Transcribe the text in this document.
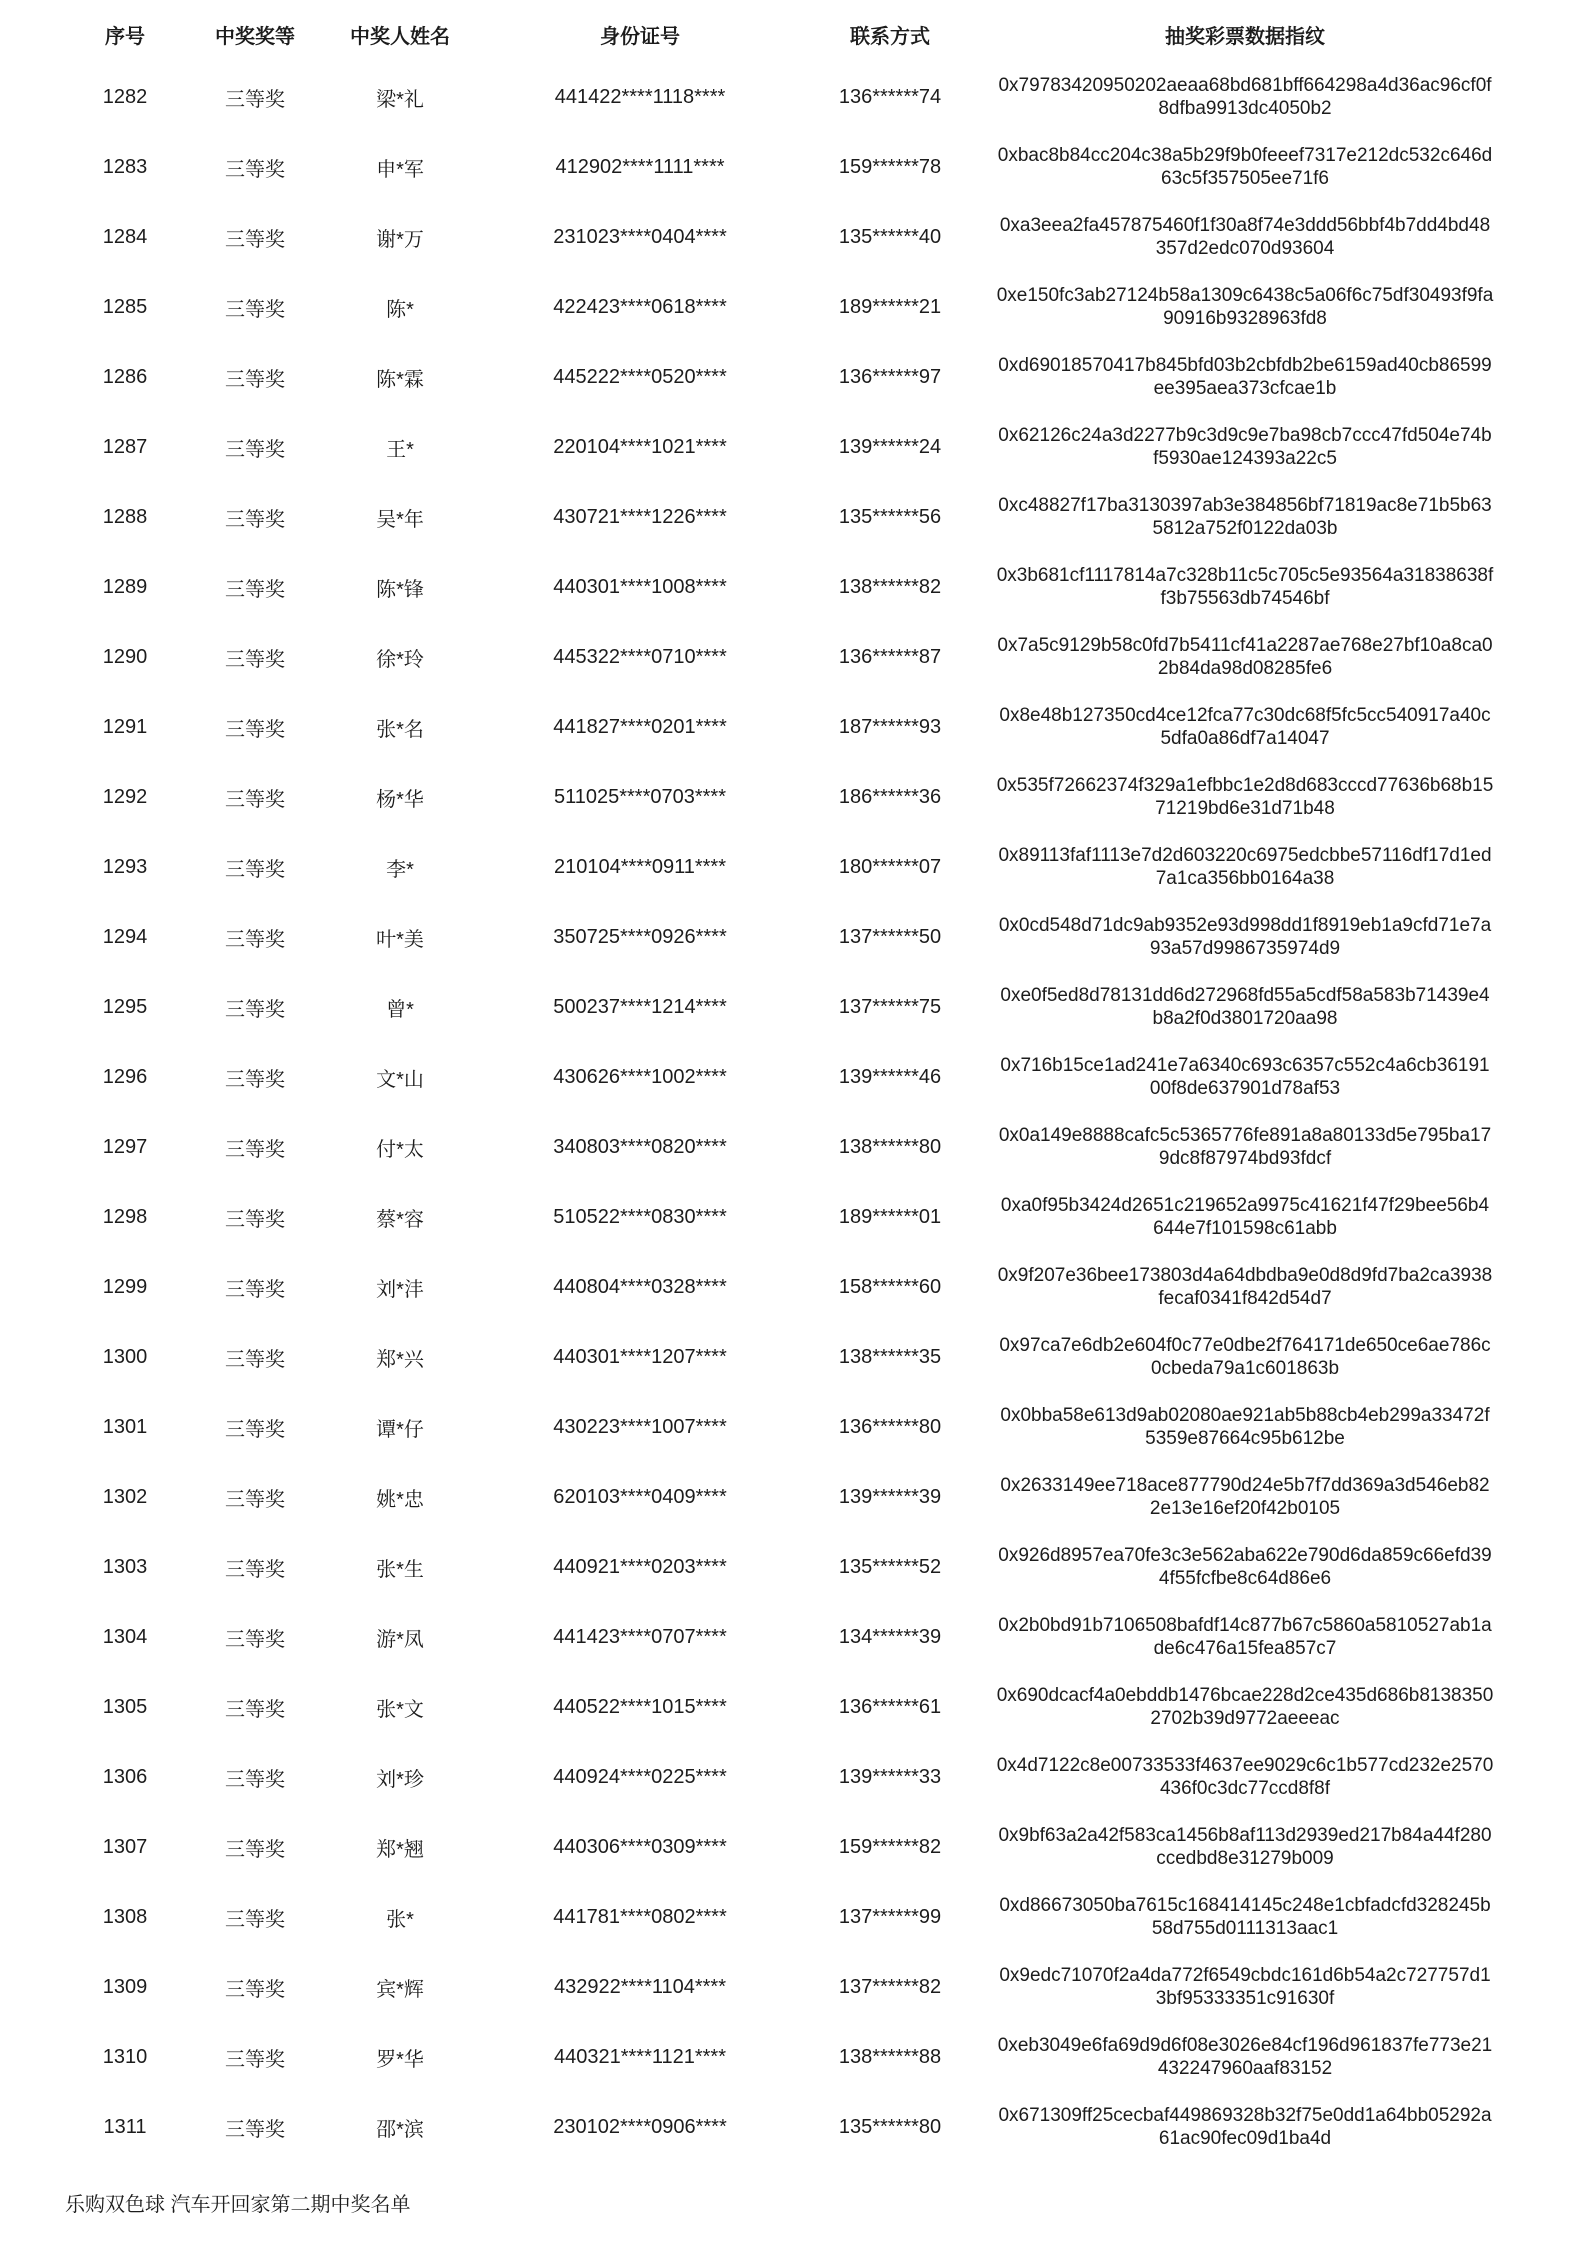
序号	中奖奖等	中奖人姓名	身份证号	联系方式	抽奖彩票数据指纹
1282	三等奖	梁*礼	441422****1118****	136******74	0x79783420950202aeaa68bd681bff664298a4d36ac96cf0f8dfba9913dc4050b2
1283	三等奖	申*军	412902****1111****	159******78	0xbac8b84cc204c38a5b29f9b0feeef7317e212dc532c646d63c5f357505ee71f6
1284	三等奖	谢*万	231023****0404****	135******40	0xa3eea2fa457875460f1f30a8f74e3ddd56bbf4b7dd4bd48357d2edc070d93604
1285	三等奖	陈*	422423****0618****	189******21	0xe150fc3ab27124b58a1309c6438c5a06f6c75df30493f9fa90916b9328963fd8
1286	三等奖	陈*霖	445222****0520****	136******97	0xd69018570417b845bfd03b2cbfdb2be6159ad40cb86599ee395aea373cfcae1b
1287	三等奖	王*	220104****1021****	139******24	0x62126c24a3d2277b9c3d9c9e7ba98cb7ccc47fd504e74bf5930ae124393a22c5
1288	三等奖	吴*年	430721****1226****	135******56	0xc48827f17ba3130397ab3e384856bf71819ac8e71b5b635812a752f0122da03b
1289	三等奖	陈*锋	440301****1008****	138******82	0x3b681cf1117814a7c328b11c5c705c5e93564a31838638ff3b75563db74546bf
1290	三等奖	徐*玲	445322****0710****	136******87	0x7a5c9129b58c0fd7b5411cf41a2287ae768e27bf10a8ca02b84da98d08285fe6
1291	三等奖	张*名	441827****0201****	187******93	0x8e48b127350cd4ce12fca77c30dc68f5fc5cc540917a40c5dfa0a86df7a14047
1292	三等奖	杨*华	511025****0703****	186******36	0x535f72662374f329a1efbbc1e2d8d683cccd77636b68b1571219bd6e31d71b48
1293	三等奖	李*	210104****0911****	180******07	0x89113faf1113e7d2d603220c6975edcbbe57116df17d1ed7a1ca356bb0164a38
1294	三等奖	叶*美	350725****0926****	137******50	0x0cd548d71dc9ab9352e93d998dd1f8919eb1a9cfd71e7a93a57d9986735974d9
1295	三等奖	曾*	500237****1214****	137******75	0xe0f5ed8d78131dd6d272968fd55a5cdf58a583b71439e4b8a2f0d3801720aa98
1296	三等奖	文*山	430626****1002****	139******46	0x716b15ce1ad241e7a6340c693c6357c552c4a6cb3619100f8de637901d78af53
1297	三等奖	付*太	340803****0820****	138******80	0x0a149e8888cafc5c5365776fe891a8a80133d5e795ba179dc8f87974bd93fdcf
1298	三等奖	蔡*容	510522****0830****	189******01	0xa0f95b3424d2651c219652a9975c41621f47f29bee56b4644e7f101598c61abb
1299	三等奖	刘*沣	440804****0328****	158******60	0x9f207e36bee173803d4a64dbdba9e0d8d9fd7ba2ca3938fecaf0341f842d54d7
1300	三等奖	郑*兴	440301****1207****	138******35	0x97ca7e6db2e604f0c77e0dbe2f764171de650ce6ae786c0cbeda79a1c601863b
1301	三等奖	谭*仔	430223****1007****	136******80	0x0bba58e613d9ab02080ae921ab5b88cb4eb299a33472f5359e87664c95b612be
1302	三等奖	姚*忠	620103****0409****	139******39	0x2633149ee718ace877790d24e5b7f7dd369a3d546eb822e13e16ef20f42b0105
1303	三等奖	张*生	440921****0203****	135******52	0x926d8957ea70fe3c3e562aba622e790d6da859c66efd394f55fcfbe8c64d86e6
1304	三等奖	游*凤	441423****0707****	134******39	0x2b0bd91b7106508bafdf14c877b67c5860a5810527ab1ade6c476a15fea857c7
1305	三等奖	张*文	440522****1015****	136******61	0x690dcacf4a0ebddb1476bcae228d2ce435d686b81383502702b39d9772aeeeac
1306	三等奖	刘*珍	440924****0225****	139******33	0x4d7122c8e00733533f4637ee9029c6c1b577cd232e2570436f0c3dc77ccd8f8f
1307	三等奖	郑*翘	440306****0309****	159******82	0x9bf63a2a42f583ca1456b8af113d2939ed217b84a44f280ccedbd8e31279b009
1308	三等奖	张*	441781****0802****	137******99	0xd86673050ba7615c168414145c248e1cbfadcfd328245b58d755d0111313aac1
1309	三等奖	宾*辉	432922****1104****	137******82	0x9edc71070f2a4da772f6549cbdc161d6b54a2c727757d13bf95333351c91630f
1310	三等奖	罗*华	440321****1121****	138******88	0xeb3049e6fa69d9d6f08e3026e84cf196d961837fe773e21432247960aaf83152
1311	三等奖	邵*滨	230102****0906****	135******80	0x671309ff25cecbaf449869328b32f75e0dd1a64bb05292a61ac90fec09d1ba4d
乐购双色球 汽车开回家第二期中奖名单
